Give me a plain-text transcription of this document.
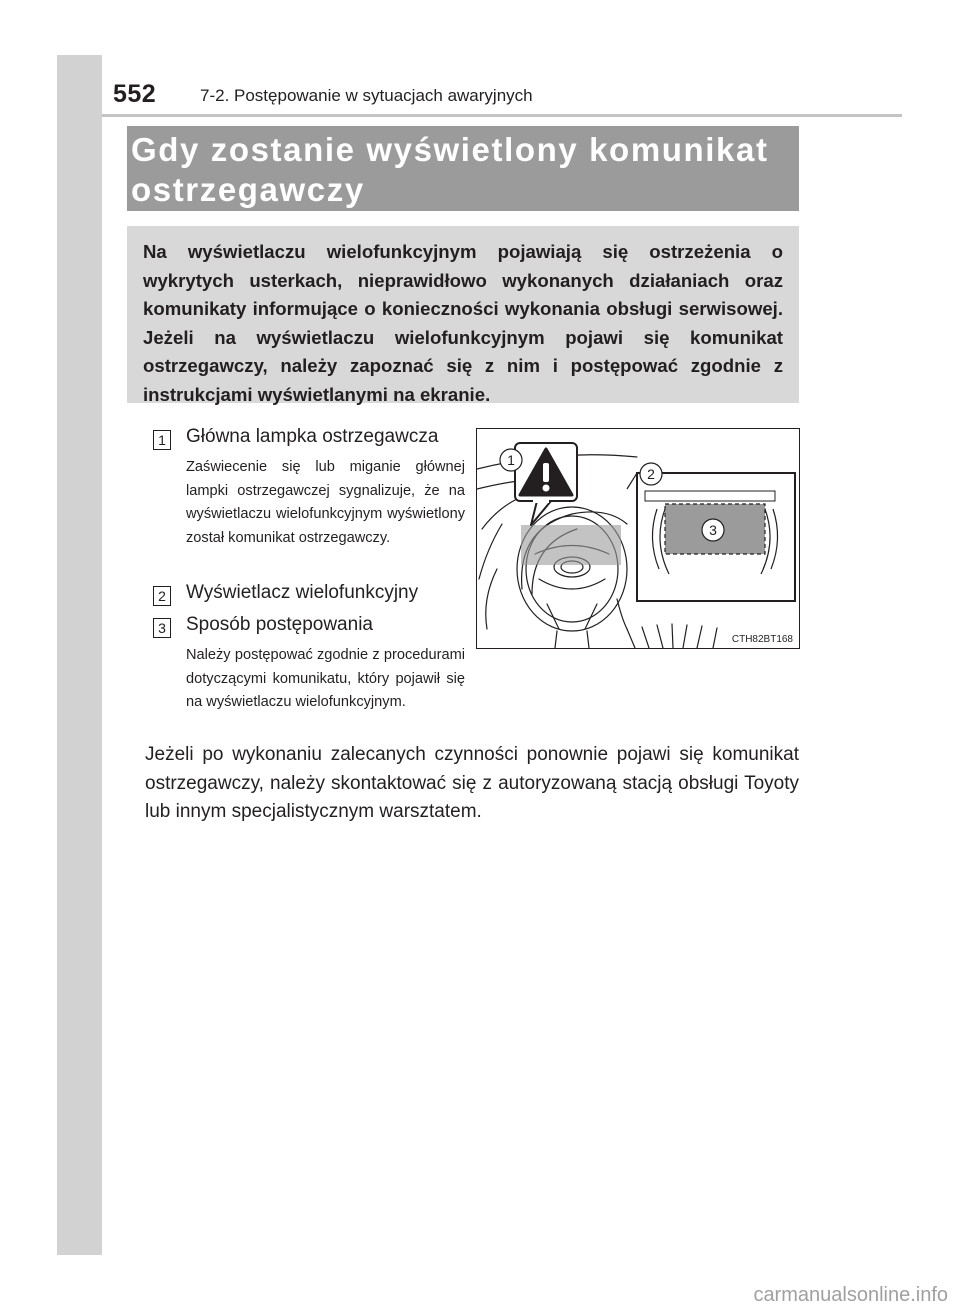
552	7-2. Postępowanie w sytuacjach awaryjnych
Gdy zostanie wyświetlony komunikat
ostrzegawczy

Na wyświetlaczu wielofunkcyjnym pojawiają się ostrzeżenia o wykrytych usterkach, nieprawidłowo wykonanych działaniach oraz komunikaty informujące o konieczności wykonania obsługi serwisowej. Jeżeli na wyświetlaczu wielofunkcyjnym pojawi się komunikat ostrzegawczy, należy zapoznać się z nim i postępować zgodnie z instrukcjami wyświetlanymi na ekranie.

1 Główna lampka ostrzegawcza

Zaświecenie się lub miganie głównej lampki ostrzegawczej sygnalizuje, że na wyświetlaczu wielofunkcyjnym wyświetlony został komunikat ostrzegawczy.

2 Wyświetlacz wielofunkcyjny
3 Sposób postępowania

Należy postępować zgodnie z procedurami dotyczącymi komunikatu, który pojawił się na wyświetlaczu wielofunkcyjnym.

1
2
3
CTH82BT168

Jeżeli po wykonaniu zalecanych czynności ponownie pojawi się komunikat ostrzegawczy, należy skontaktować się z autoryzowaną stacją obsługi Toyoty lub innym specjalistycznym warsztatem.

carmanualsonline.info
